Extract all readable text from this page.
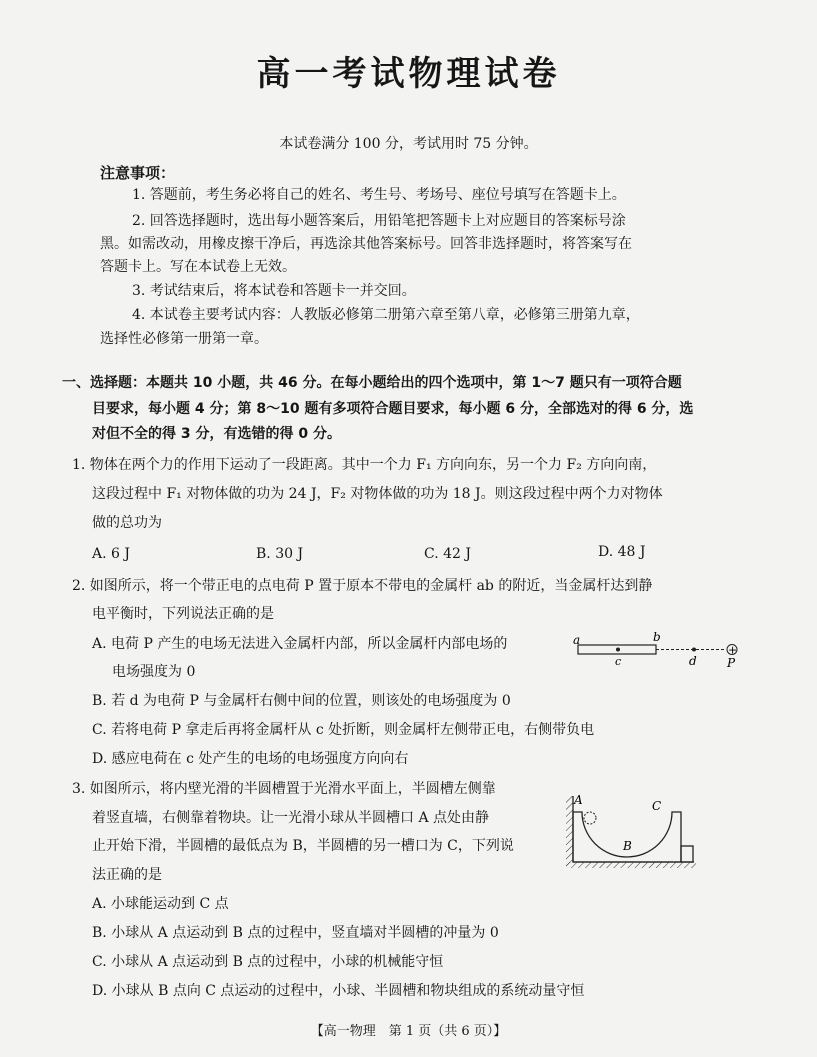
高一考试物理试卷
本试卷满分 100 分，考试用时 75 分钟。
注意事项：
1. 答题前，考生务必将自己的姓名、考生号、考场号、座位号填写在答题卡上。
2. 回答选择题时，选出每小题答案后，用铅笔把答题卡上对应题目的答案标号涂
黑。如需改动，用橡皮擦干净后，再选涂其他答案标号。回答非选择题时，将答案写在
答题卡上。写在本试卷上无效。
3. 考试结束后，将本试卷和答题卡一并交回。
4. 本试卷主要考试内容：人教版必修第二册第六章至第八章，必修第三册第九章，
选择性必修第一册第一章。
一、选择题：本题共 10 小题，共 46 分。在每小题给出的四个选项中，第 1～7 题只有一项符合题
目要求，每小题 4 分；第 8～10 题有多项符合题目要求，每小题 6 分，全部选对的得 6 分，选
对但不全的得 3 分，有选错的得 0 分。
1. 物体在两个力的作用下运动了一段距离。其中一个力 F₁ 方向向东，另一个力 F₂ 方向向南，
这段过程中 F₁ 对物体做的功为 24 J，F₂ 对物体做的功为 18 J。则这段过程中两个力对物体
做的总功为
A. 6 J	B. 30 J	C. 42 J	D. 48 J
2. 如图所示，将一个带正电的点电荷 P 置于原本不带电的金属杆 ab 的附近，当金属杆达到静
电平衡时，下列说法正确的是
A. 电荷 P 产生的电场无法进入金属杆内部，所以金属杆内部电场的
电场强度为 0
B. 若 d 为电荷 P 与金属杆右侧中间的位置，则该处的电场强度为 0
C. 若将电荷 P 拿走后再将金属杆从 c 处折断，则金属杆左侧带正电，右侧带负电
D. 感应电荷在 c 处产生的电场的电场强度方向向右
a	b
c	d
+
P
3. 如图所示，将内壁光滑的半圆槽置于光滑水平面上，半圆槽左侧靠
着竖直墙，右侧靠着物块。让一光滑小球从半圆槽口 A 点处由静
止开始下滑，半圆槽的最低点为 B，半圆槽的另一槽口为 C，下列说
法正确的是
A. 小球能运动到 C 点
B. 小球从 A 点运动到 B 点的过程中，竖直墙对半圆槽的冲量为 0
C. 小球从 A 点运动到 B 点的过程中，小球的机械能守恒
D. 小球从 B 点向 C 点运动的过程中，小球、半圆槽和物块组成的系统动量守恒
A	C
B
【高一物理　第 1 页（共 6 页）】
